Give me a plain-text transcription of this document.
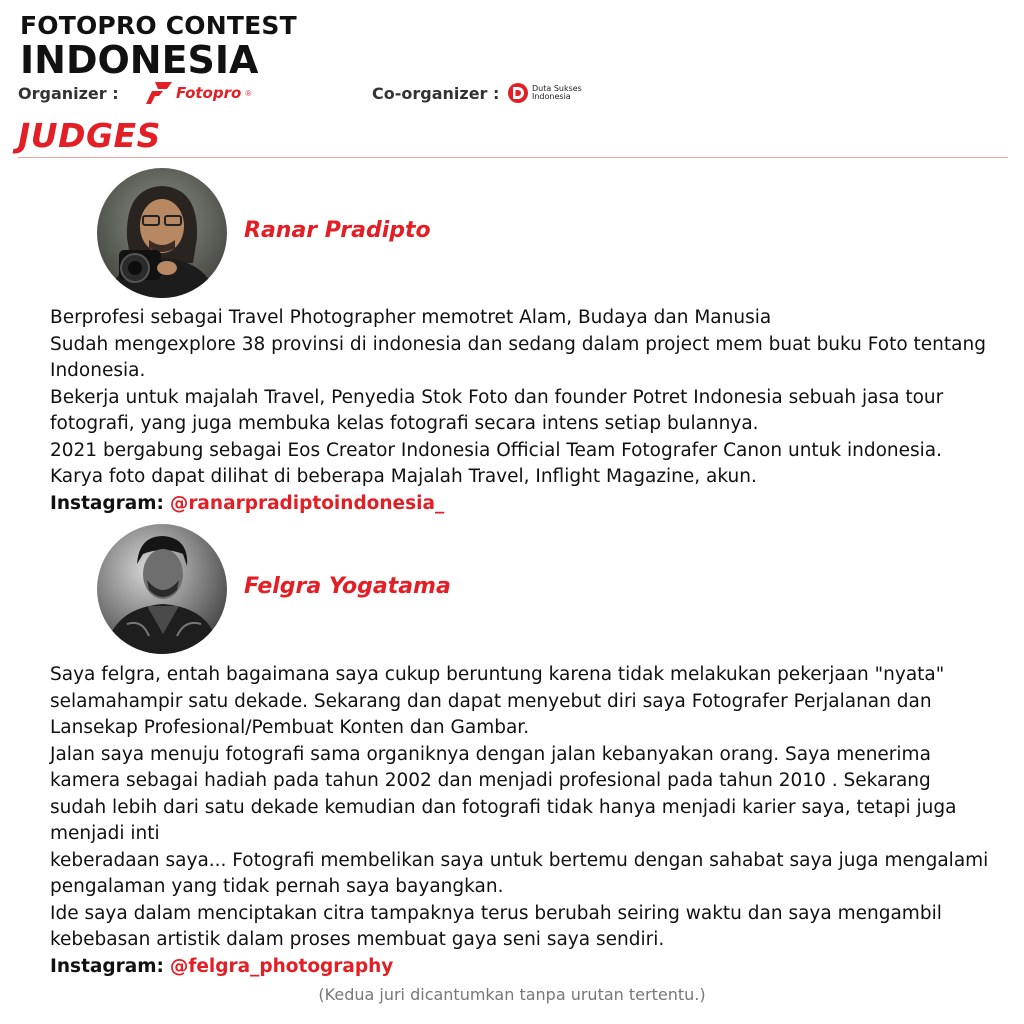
FOTOPRO CONTEST
INDONESIA
Organizer :	Fotopro ®	Co-organizer :	Duta Sukses
Indonesia
JUDGES
Ranar Pradipto

Berprofesi sebagai Travel Photographer memotret Alam, Budaya dan Manusia

Sudah mengexplore 38 provinsi di indonesia dan sedang dalam project mem buat buku Foto tentang Indonesia.

Bekerja untuk majalah Travel, Penyedia Stok Foto dan founder Potret Indonesia sebuah jasa tour fotografi, yang juga membuka kelas fotografi secara intens setiap bulannya.

2021 bergabung sebagai Eos Creator Indonesia Official Team Fotografer Canon untuk indonesia.

Karya foto dapat dilihat di beberapa Majalah Travel, Inflight Magazine, akun.

Instagram: @ranarpradiptoindonesia_

Felgra Yogatama

Saya felgra, entah bagaimana saya cukup beruntung karena tidak melakukan pekerjaan "nyata" selamahampir satu dekade. Sekarang dan dapat menyebut diri saya Fotografer Perjalanan dan Lansekap Profesional/Pembuat Konten dan Gambar.

Jalan saya menuju fotografi sama organiknya dengan jalan kebanyakan orang. Saya menerima kamera sebagai hadiah pada tahun 2002 dan menjadi profesional pada tahun 2010 . Sekarang sudah lebih dari satu dekade kemudian dan fotografi tidak hanya menjadi karier saya, tetapi juga menjadi inti

keberadaan saya... Fotografi membelikan saya untuk bertemu dengan sahabat saya juga mengalami pengalaman yang tidak pernah saya bayangkan.

Ide saya dalam menciptakan citra tampaknya terus berubah seiring waktu dan saya mengambil kebebasan artistik dalam proses membuat gaya seni saya sendiri.

Instagram: @felgra_photography

(Kedua juri dicantumkan tanpa urutan tertentu.)
